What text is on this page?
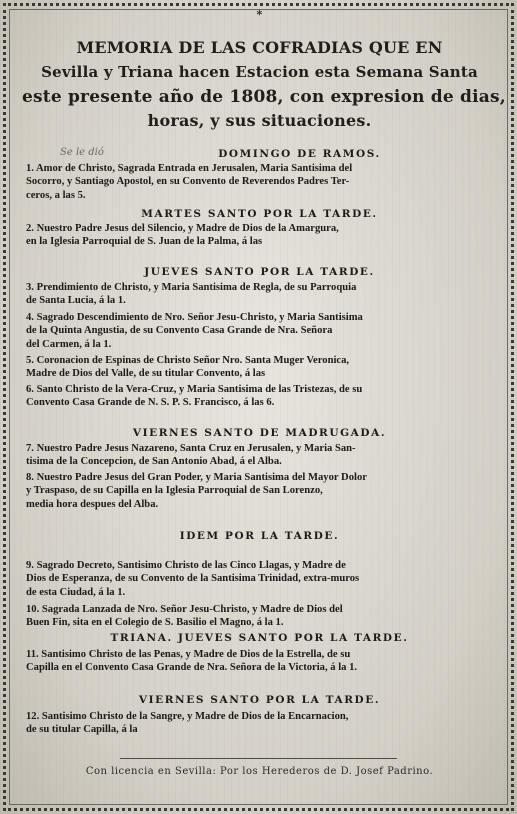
*
MEMORIA DE LAS COFRADIAS QUE EN
Sevilla y Triana hacen Estacion esta Semana Santa
este presente año de 1808, con expresion de dias,
horas, y sus situaciones.
Se le dió	DOMINGO DE RAMOS.
1. Amor de Christo, Sagrada Entrada en Jerusalen, Maria Santisima del
Socorro, y Santiago Apostol, en su Convento de Reverendos Padres Ter-
ceros, a las 5.
MARTES SANTO POR LA TARDE.
2. Nuestro Padre Jesus del Silencio, y Madre de Dios de la Amargura,
en la Iglesia Parroquial de S. Juan de la Palma, á las
JUEVES SANTO POR LA TARDE.
3. Prendimiento de Christo, y Maria Santisima de Regla, de su Parroquia
de Santa Lucia, á la 1.
4. Sagrado Descendimiento de Nro. Señor Jesu-Christo, y Maria Santisima
de la Quinta Angustia, de su Convento Casa Grande de Nra. Señora
del Carmen, á la 1.
5. Coronacion de Espinas de Christo Señor Nro. Santa Muger Veronica,
Madre de Dios del Valle, de su titular Convento, á las
6. Santo Christo de la Vera-Cruz, y Maria Santisima de las Tristezas, de su
Convento Casa Grande de N. S. P. S. Francisco, á las 6.
VIERNES SANTO DE MADRUGADA.
7. Nuestro Padre Jesus Nazareno, Santa Cruz en Jerusalen, y Maria San-
tisima de la Concepcion, de San Antonio Abad, á el Alba.
8. Nuestro Padre Jesus del Gran Poder, y Maria Santisima del Mayor Dolor
y Traspaso, de su Capilla en la Iglesia Parroquial de San Lorenzo,
media hora despues del Alba.
IDEM POR LA TARDE.
9. Sagrado Decreto, Santisimo Christo de las Cinco Llagas, y Madre de
Dios de Esperanza, de su Convento de la Santisima Trinidad, extra-muros
de esta Ciudad, á la 1.
10. Sagrada Lanzada de Nro. Señor Jesu-Christo, y Madre de Dios del
Buen Fin, sita en el Colegio de S. Basilio el Magno, á la 1.
TRIANA. JUEVES SANTO POR LA TARDE.
11. Santisimo Christo de las Penas, y Madre de Dios de la Estrella, de su
Capilla en el Convento Casa Grande de Nra. Señora de la Victoria, á la 1.
VIERNES SANTO POR LA TARDE.
12. Santisimo Christo de la Sangre, y Madre de Dios de la Encarnacion,
de su titular Capilla, á la
Con licencia en Sevilla: Por los Herederos de D. Josef Padrino.
